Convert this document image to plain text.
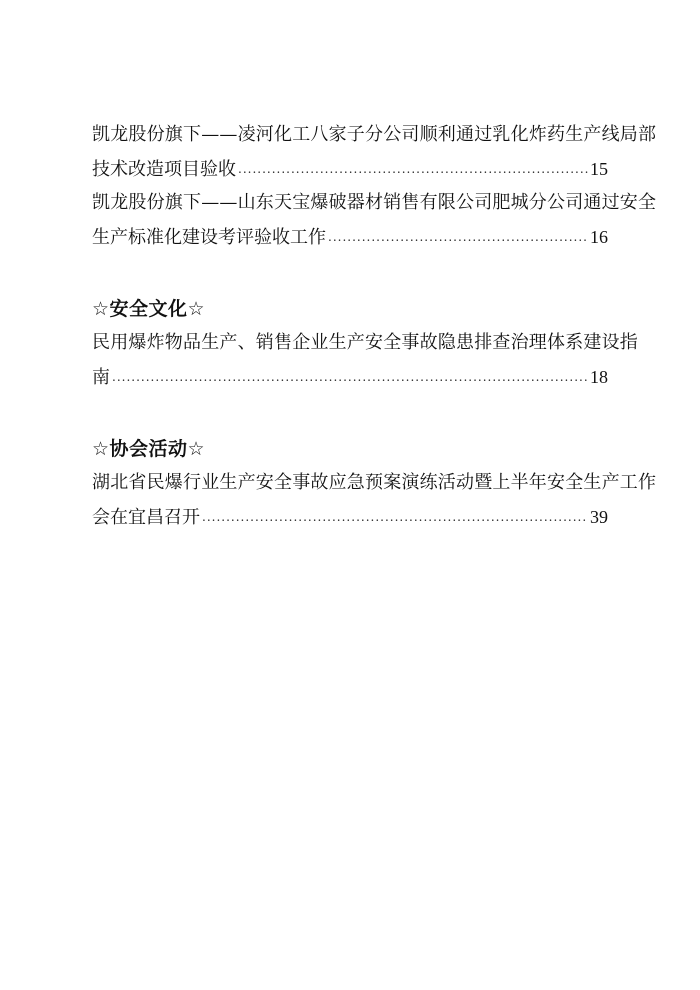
凯龙股份旗下——凌河化工八家子分公司顺利通过乳化炸药生产线局部
技术改造项目验收 .....	15
凯龙股份旗下——山东天宝爆破器材销售有限公司肥城分公司通过安全
生产标准化建设考评验收工作 .....	16
☆安全文化☆
民用爆炸物品生产、销售企业生产安全事故隐患排查治理体系建设指
南 .....	18
☆协会活动☆
湖北省民爆行业生产安全事故应急预案演练活动暨上半年安全生产工作
会在宜昌召开 .....	39
